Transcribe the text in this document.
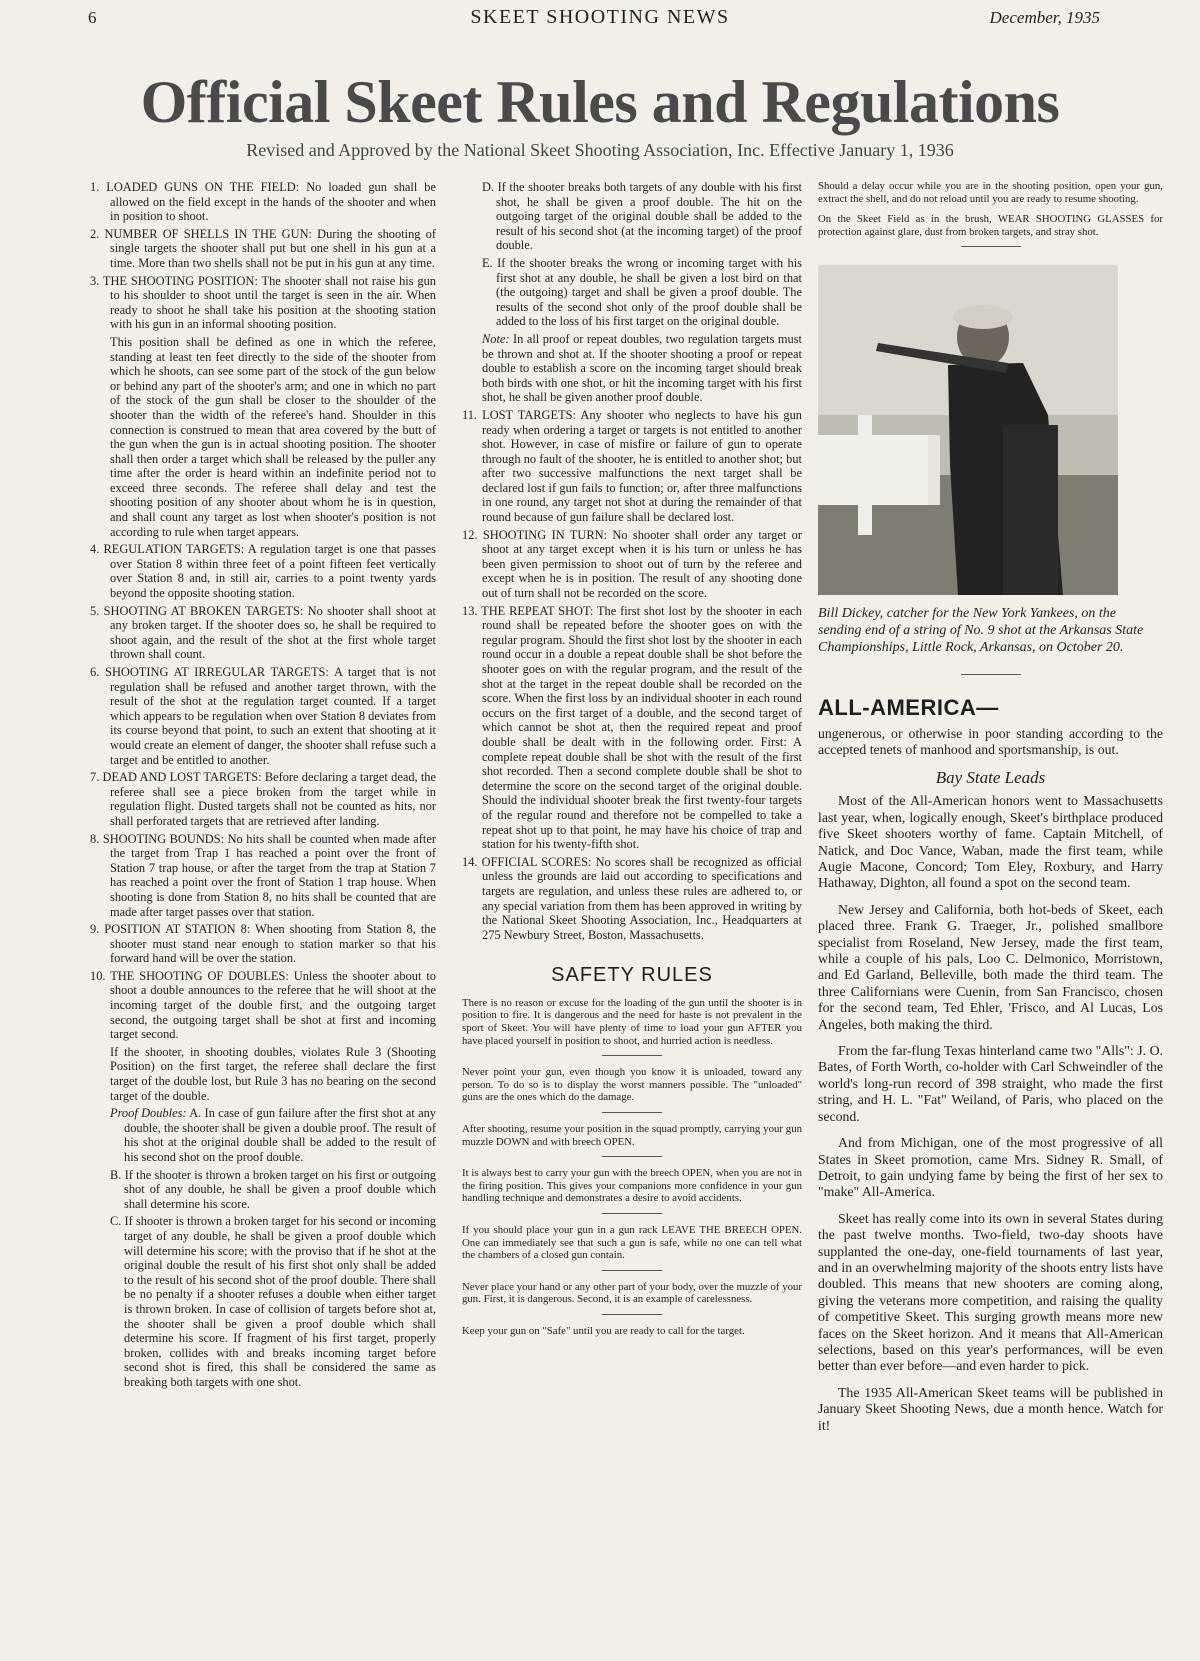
6	SKEET SHOOTING NEWS	December, 1935
Official Skeet Rules and Regulations
Revised and Approved by the National Skeet Shooting Association, Inc. Effective January 1, 1936

1. LOADED GUNS ON THE FIELD: No loaded gun shall be allowed on the field except in the hands of the shooter and when in position to shoot.

2. NUMBER OF SHELLS IN THE GUN: During the shooting of single targets the shooter shall put but one shell in his gun at a time. More than two shells shall not be put in his gun at any time.

3. THE SHOOTING POSITION: The shooter shall not raise his gun to his shoulder to shoot until the target is seen in the air. When ready to shoot he shall take his position at the shooting station with his gun in an informal shooting position.

This position shall be defined as one in which the referee, standing at least ten feet directly to the side of the shooter from which he shoots, can see some part of the stock of the gun below or behind any part of the shooter's arm; and one in which no part of the stock of the gun shall be closer to the shoulder of the shooter than the width of the referee's hand. Shoulder in this connection is construed to mean that area covered by the butt of the gun when the gun is in actual shooting position. The shooter shall then order a target which shall be released by the puller any time after the order is heard within an indefinite period not to exceed three seconds. The referee shall delay and test the shooting position of any shooter about whom he is in question, and shall count any target as lost when shooter's position is not according to rule when target appears.

4. REGULATION TARGETS: A regulation target is one that passes over Station 8 within three feet of a point fifteen feet vertically over Station 8 and, in still air, carries to a point twenty yards beyond the opposite shooting station.

5. SHOOTING AT BROKEN TARGETS: No shooter shall shoot at any broken target. If the shooter does so, he shall be required to shoot again, and the result of the shot at the first whole target thrown shall count.

6. SHOOTING AT IRREGULAR TARGETS: A target that is not regulation shall be refused and another target thrown, with the result of the shot at the regulation target counted. If a target which appears to be regulation when over Station 8 deviates from its course beyond that point, to such an extent that shooting at it would create an element of danger, the shooter shall refuse such a target and be entitled to another.

7. DEAD AND LOST TARGETS: Before declaring a target dead, the referee shall see a piece broken from the target while in regulation flight. Dusted targets shall not be counted as hits, nor shall perforated targets that are retrieved after landing.

8. SHOOTING BOUNDS: No hits shall be counted when made after the target from Trap 1 has reached a point over the front of Station 7 trap house, or after the target from the trap at Station 7 has reached a point over the front of Station 1 trap house. When shooting is done from Station 8, no hits shall be counted that are made after target passes over that station.

9. POSITION AT STATION 8: When shooting from Station 8, the shooter must stand near enough to station marker so that his forward hand will be over the station.

10. THE SHOOTING OF DOUBLES: Unless the shooter about to shoot a double announces to the referee that he will shoot at the incoming target of the double first, and the outgoing target second, the outgoing target shall be shot at first and incoming target second.

If the shooter, in shooting doubles, violates Rule 3 (Shooting Position) on the first target, the referee shall declare the first target of the double lost, but Rule 3 has no bearing on the second target of the double.

Proof Doubles: A. In case of gun failure after the first shot at any double, the shooter shall be given a double proof. The result of his shot at the original double shall be added to the result of his second shot on the proof double.

B. If the shooter is thrown a broken target on his first or outgoing shot of any double, he shall be given a proof double which shall determine his score.

C. If shooter is thrown a broken target for his second or incoming target of any double, he shall be given a proof double which will determine his score; with the proviso that if he shot at the original double the result of his first shot only shall be added to the result of his second shot of the proof double. There shall be no penalty if a shooter refuses a double when either target is thrown broken. In case of collision of targets before shot at, the shooter shall be given a proof double which shall determine his score. If fragment of his first target, properly broken, collides with and breaks incoming target before second shot is fired, this shall be considered the same as breaking both targets with one shot.

D. If the shooter breaks both targets of any double with his first shot, he shall be given a proof double. The hit on the outgoing target of the original double shall be added to the result of his second shot (at the incoming target) of the proof double.

E. If the shooter breaks the wrong or incoming target with his first shot at any double, he shall be given a lost bird on that (the outgoing) target and shall be given a proof double. The results of the second shot only of the proof double shall be added to the loss of his first target on the original double.

Note: In all proof or repeat doubles, two regulation targets must be thrown and shot at. If the shooter shooting a proof or repeat double to establish a score on the incoming target should break both birds with one shot, or hit the incoming target with his first shot, he shall be given another proof double.

11. LOST TARGETS: Any shooter who neglects to have his gun ready when ordering a target or targets is not entitled to another shot. However, in case of misfire or failure of gun to operate through no fault of the shooter, he is entitled to another shot; but after two successive malfunctions the next target shall be declared lost if gun fails to function; or, after three malfunctions in one round, any target not shot at during the remainder of that round because of gun failure shall be declared lost.

12. SHOOTING IN TURN: No shooter shall order any target or shoot at any target except when it is his turn or unless he has been given permission to shoot out of turn by the referee and except when he is in position. The result of any shooting done out of turn shall not be recorded on the score.

13. THE REPEAT SHOT: The first shot lost by the shooter in each round shall be repeated before the shooter goes on with the regular program. Should the first shot lost by the shooter in each round occur in a double a repeat double shall be shot before the shooter goes on with the regular program, and the result of the shot at the target in the repeat double shall be recorded on the score. When the first loss by an individual shooter in each round occurs on the first target of a double, and the second target of which cannot be shot at, then the required repeat and proof double shall be dealt with in the following order. First: A complete repeat double shall be shot with the result of the first shot recorded. Then a second complete double shall be shot to determine the score on the second target of the original double. Should the individual shooter break the first twenty-four targets of the regular round and therefore not be compelled to take a repeat shot up to that point, he may have his choice of trap and station for his twenty-fifth shot.

14. OFFICIAL SCORES: No scores shall be recognized as official unless the grounds are laid out according to specifications and targets are regulation, and unless these rules are adhered to, or any special variation from them has been approved in writing by the National Skeet Shooting Association, Inc., Headquarters at 275 Newbury Street, Boston, Massachusetts.

SAFETY RULES

There is no reason or excuse for the loading of the gun until the shooter is in position to fire. It is dangerous and the need for haste is not prevalent in the sport of Skeet. You will have plenty of time to load your gun AFTER you have placed yourself in position to shoot, and hurried action is needless.

Never point your gun, even though you know it is unloaded, toward any person. To do so is to display the worst manners possible. The "unloaded" guns are the ones which do the damage.

After shooting, resume your position in the squad promptly, carrying your gun muzzle DOWN and with breech OPEN.

It is always best to carry your gun with the breech OPEN, when you are not in the firing position. This gives your companions more confidence in your gun handling technique and demonstrates a desire to avoid accidents.

If you should place your gun in a gun rack LEAVE THE BREECH OPEN. One can immediately see that such a gun is safe, while no one can tell what the chambers of a closed gun contain.

Never place your hand or any other part of your body, over the muzzle of your gun. First, it is dangerous. Second, it is an example of carelessness.

Keep your gun on "Safe" until you are ready to call for the target.

Should a delay occur while you are in the shooting position, open your gun, extract the shell, and do not reload until you are ready to resume shooting.

On the Skeet Field as in the brush, WEAR SHOOTING GLASSES for protection against glare, dust from broken targets, and stray shot.

Bill Dickey, catcher for the New York Yankees, on the sending end of a string of No. 9 shot at the Arkansas State Championships, Little Rock, Arkansas, on October 20.

ALL-AMERICA—

ungenerous, or otherwise in poor standing according to the accepted tenets of manhood and sportsmanship, is out.

Bay State Leads

Most of the All-American honors went to Massachusetts last year, when, logically enough, Skeet's birthplace produced five Skeet shooters worthy of fame. Captain Mitchell, of Natick, and Doc Vance, Waban, made the first team, while Augie Macone, Concord; Tom Eley, Roxbury, and Harry Hathaway, Dighton, all found a spot on the second team.

New Jersey and California, both hot-beds of Skeet, each placed three. Frank G. Traeger, Jr., polished smallbore specialist from Roseland, New Jersey, made the first team, while a couple of his pals, Loo C. Delmonico, Morristown, and Ed Garland, Belleville, both made the third team. The three Californians were Cuenin, from San Francisco, chosen for the second team, Ted Ehler, 'Frisco, and Al Lucas, Los Angeles, both making the third.

From the far-flung Texas hinterland came two "Alls": J. O. Bates, of Forth Worth, co-holder with Carl Schweindler of the world's long-run record of 398 straight, who made the first string, and H. L. "Fat" Weiland, of Paris, who placed on the second.

And from Michigan, one of the most progressive of all States in Skeet promotion, came Mrs. Sidney R. Small, of Detroit, to gain undying fame by being the first of her sex to "make" All-America.

Skeet has really come into its own in several States during the past twelve months. Two-field, two-day shoots have supplanted the one-day, one-field tournaments of last year, and in an overwhelming majority of the shoots entry lists have doubled. This means that new shooters are coming along, giving the veterans more competition, and raising the quality of competitive Skeet. This surging growth means more new faces on the Skeet horizon. And it means that All-American selections, based on this year's performances, will be even better than ever before—and even harder to pick.

The 1935 All-American Skeet teams will be published in January Skeet Shooting News, due a month hence. Watch for it!
